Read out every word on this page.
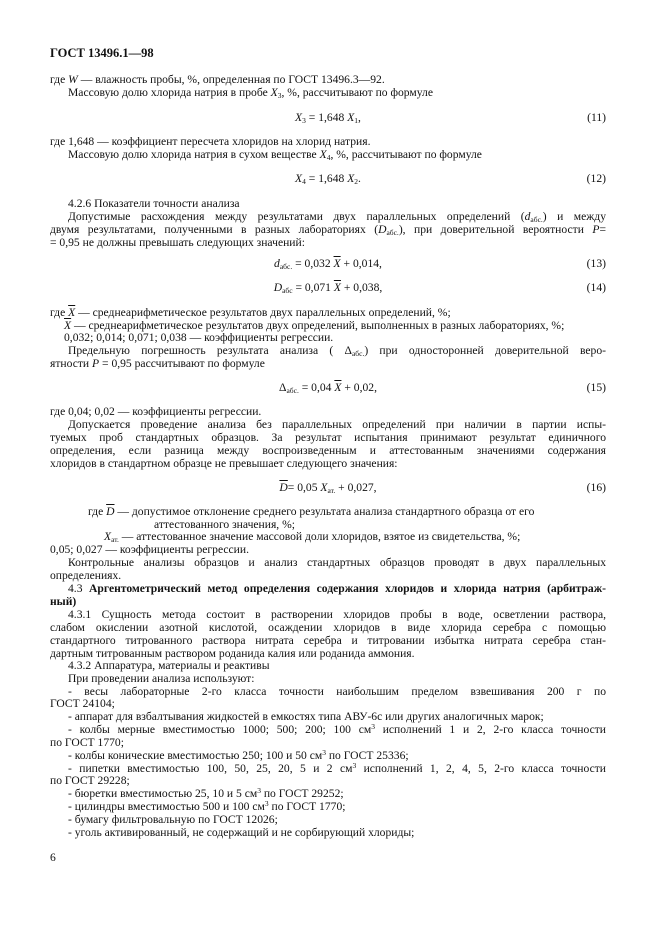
ГОСТ 13496.1—98
где W — влажность пробы, %, определенная по ГОСТ 13496.3—92.
Массовую долю хлорида натрия в пробе $X_3$, %, рассчитывают по формуле
$X_3 = 1,648$ $X_1$,	(11)
где 1,648 — коэффициент пересчета хлоридов на хлорид натрия.
Массовую долю хлорида натрия в сухом веществе $X_4$, %, рассчитывают по формуле
$X_4 = 1,648$ $X_2$.	(12)
4.2.6 Показатели точности анализа
Допустимые расхождения между результатами двух параллельных определений $(d_{абс.})$ и между
двумя результатами, полученными в разных лабораториях $(D_{абс.})$, при доверительной вероятности P=
= 0,95 не должны превышать следующих значений:
$d_{абс.} = 0,032$ $\overline{X} + 0,014$,	(13)
$D_{абс} = 0,071$ $\overline{X} + 0,038$,	(14)
где $\overline{X}$ — среднеарифметическое результатов двух параллельных определений, %;
$\overline{X}$ — среднеарифметическое результатов двух определений, выполненных в разных лабораториях, %;
0,032; 0,014; 0,071; 0,038 — коэффициенты регрессии.
Предельную погрешность результата анализа ( $\Delta_{абс.}$) при односторонней доверительной веро-
ятности P = 0,95 рассчитывают по формуле
$\Delta_{абс.} = 0,04$ $\overline{X} + 0,02$,	(15)
где 0,04; 0,02 — коэффициенты регрессии.
Допускается проведение анализа без параллельных определений при наличии в партии испы-
туемых проб стандартных образцов. За результат испытания принимают результат единичного
определения, если разница между воспроизведенным и аттестованным значениями содержания
хлоридов в стандартном образце не превышает следующего значения:
$\overline{D}= 0,05$ $X_{ат.} + 0,027$,	(16)
где $\overline{D}$ — допустимое отклонение среднего результата анализа стандартного образца от его
аттестованного значения, %;
$X_{ат.}$ — аттестованное значение массовой доли хлоридов, взятое из свидетельства, %;
0,05; 0,027 — коэффициенты регрессии.
Контрольные анализы образцов и анализ стандартных образцов проводят в двух параллельных
определениях.
4.3 Аргентометрический метод определения содержания хлоридов и хлорида натрия (арбитраж-
ный)
4.3.1 Сущность метода состоит в растворении хлоридов пробы в воде, осветлении раствора,
слабом окислении азотной кислотой, осаждении хлоридов в виде хлорида серебра с помощью
стандартного титрованного раствора нитрата серебра и титровании избытка нитрата серебра стан-
дартным титрованным раствором роданида калия или роданида аммония.
4.3.2 Аппаратура, материалы и реактивы
При проведении анализа используют:
- весы лабораторные 2-го класса точности наибольшим пределом взвешивания 200 г по
ГОСТ 24104;
- аппарат для взбалтывания жидкостей в емкостях типа АВУ-6с или других аналогичных марок;
- колбы мерные вместимостью 1000; 500; 200; 100 $см^3$ исполнений 1 и 2, 2-го класса точности
по ГОСТ 1770;
- колбы конические вместимостью 250; 100 и 50 $см^3$ по ГОСТ 25336;
- пипетки вместимостью 100, 50, 25, 20, 5 и 2 $см^3$ исполнений 1, 2, 4, 5, 2-го класса точности
по ГОСТ 29228;
- бюретки вместимостью 25, 10 и 5 $см^3$ по ГОСТ 29252;
- цилиндры вместимостью 500 и 100 $см^3$ по ГОСТ 1770;
- бумагу фильтровальную по ГОСТ 12026;
- уголь активированный, не содержащий и не сорбирующий хлориды;
6
